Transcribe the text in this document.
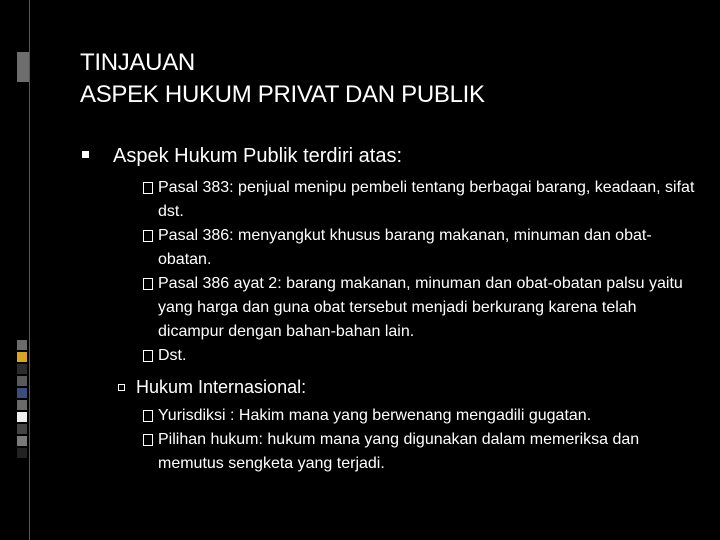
TINJAUAN
ASPEK HUKUM PRIVAT DAN PUBLIK

Aspek Hukum Publik terdiri atas:

Pasal 383: penjual menipu pembeli tentang berbagai barang, keadaan, sifat dst.

Pasal 386: menyangkut khusus barang makanan, minuman dan obat-obatan.

Pasal 386 ayat 2: barang makanan, minuman dan obat-obatan palsu yaitu yang harga dan guna obat tersebut menjadi berkurang karena telah dicampur dengan bahan-bahan lain.

Dst.

Hukum Internasional:

Yurisdiksi : Hakim mana yang berwenang mengadili gugatan.

Pilihan hukum: hukum mana yang digunakan dalam memeriksa dan memutus sengketa yang terjadi.
